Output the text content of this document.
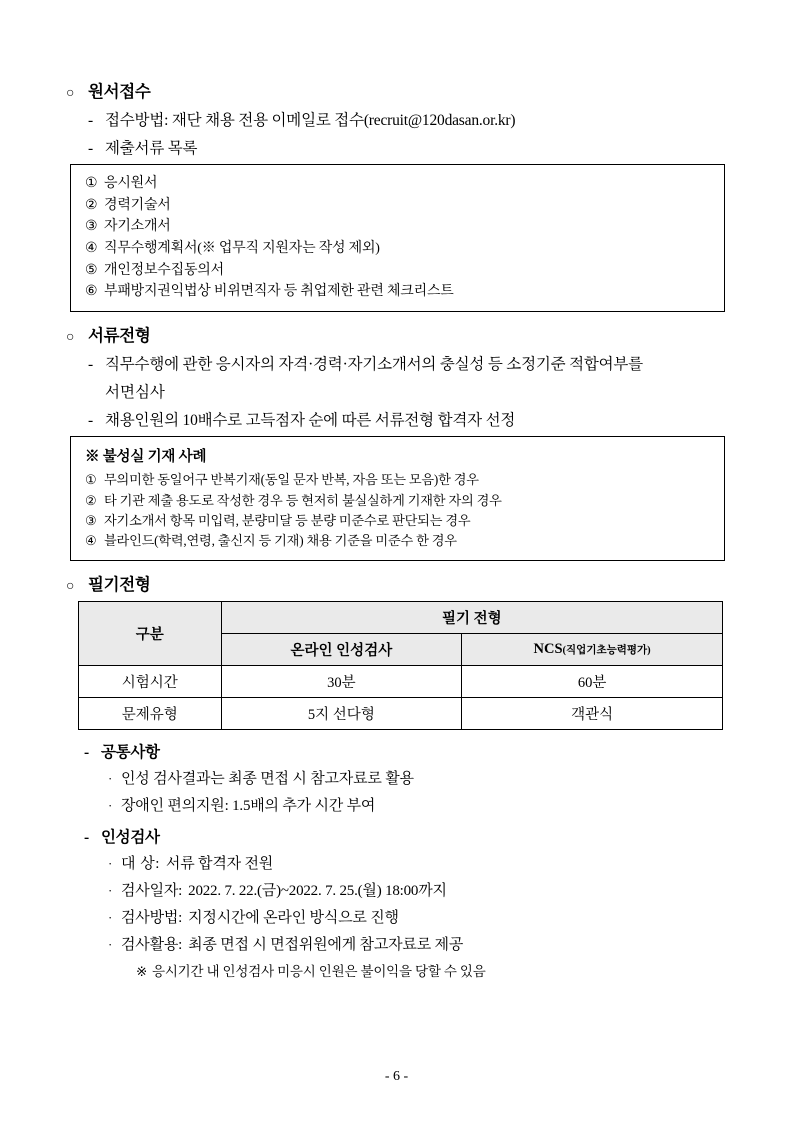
○ 원서접수
- 접수방법: 재단 채용 전용 이메일로 접수(recruit@120dasan.or.kr)
- 제출서류 목록
① 응시원서
② 경력기술서
③ 자기소개서
④ 직무수행계획서(※ 업무직 지원자는 작성 제외)
⑤ 개인정보수집동의서
⑥ 부패방지권익법상 비위면직자 등 취업제한 관련 체크리스트
○ 서류전형
- 직무수행에 관한 응시자의 자격·경력·자기소개서의 충실성 등 소정기준 적합여부를
서면심사
- 채용인원의 10배수로 고득점자 순에 따른 서류전형 합격자 선정
※ 불성실 기재 사례
① 무의미한 동일어구 반복기재(동일 문자 반복, 자음 또는 모음)한 경우
② 타 기관 제출 용도로 작성한 경우 등 현저히 불실실하게 기재한 자의 경우
③ 자기소개서 항목 미입력, 분량미달 등 분량 미준수로 판단되는 경우
④ 블라인드(학력,연령, 출신지 등 기재) 채용 기준을 미준수 한 경우
○ 필기전형
구분	필기 전형	
	온라인 인성검사	NCS(직업기초능력평가)
시험시간	30분	60분
문제유형	5지 선다형	객관식
- 공통사항
· 인성 검사결과는 최종 면접 시 참고자료로 활용
· 장애인 편의지원: 1.5배의 추가 시간 부여
- 인성검사
· 대 상: 서류 합격자 전원
· 검사일자: 2022. 7. 22.(금)~2022. 7. 25.(월) 18:00까지
· 검사방법: 지정시간에 온라인 방식으로 진행
· 검사활용: 최종 면접 시 면접위원에게 참고자료로 제공
※ 응시기간 내 인성검사 미응시 인원은 불이익을 당할 수 있음
- 6 -
